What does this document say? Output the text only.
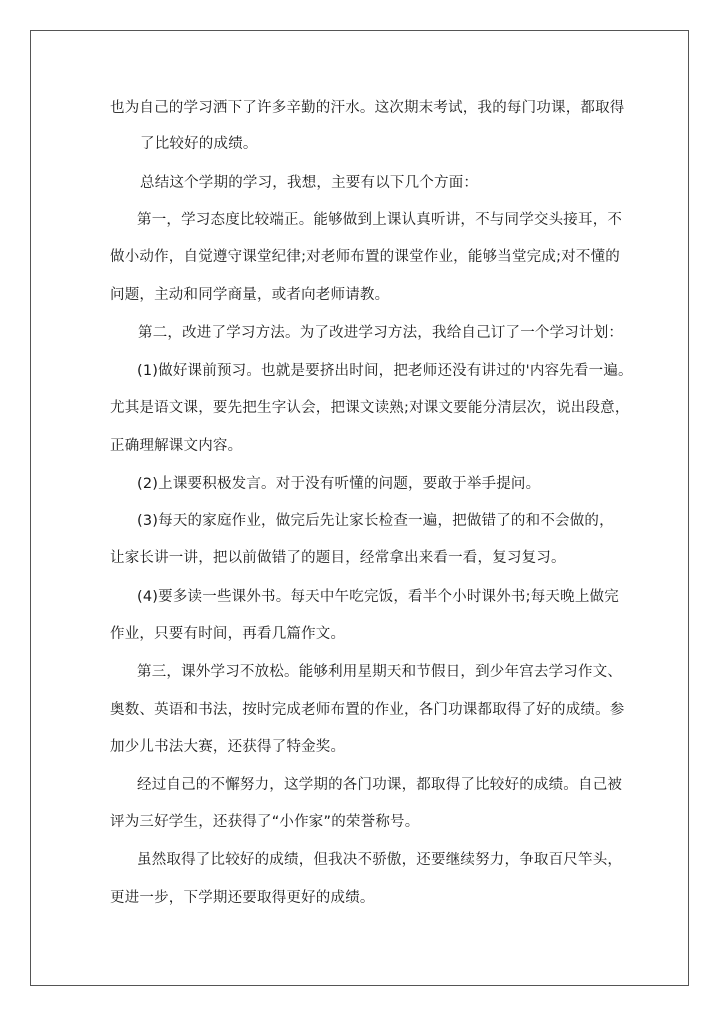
也为自己的学习洒下了许多辛勤的汗水。这次期末考试，我的每门功课，都取得
了比较好的成绩。
总结这个学期的学习，我想，主要有以下几个方面：
第一，学习态度比较端正。能够做到上课认真听讲，不与同学交头接耳，不
做小动作，自觉遵守课堂纪律;对老师布置的课堂作业，能够当堂完成;对不懂的
问题，主动和同学商量，或者向老师请教。
第二，改进了学习方法。为了改进学习方法，我给自己订了一个学习计划：
(1)做好课前预习。也就是要挤出时间，把老师还没有讲过的'内容先看一遍。
尤其是语文课，要先把生字认会，把课文读熟;对课文要能分清层次，说出段意，
正确理解课文内容。
(2)上课要积极发言。对于没有听懂的问题，要敢于举手提问。
(3)每天的家庭作业，做完后先让家长检查一遍，把做错了的和不会做的，
让家长讲一讲，把以前做错了的题目，经常拿出来看一看，复习复习。
(4)要多读一些课外书。每天中午吃完饭，看半个小时课外书;每天晚上做完
作业，只要有时间，再看几篇作文。
第三，课外学习不放松。能够利用星期天和节假日，到少年宫去学习作文、
奥数、英语和书法，按时完成老师布置的作业，各门功课都取得了好的成绩。参
加少儿书法大赛，还获得了特金奖。
经过自己的不懈努力，这学期的各门功课，都取得了比较好的成绩。自己被
评为三好学生，还获得了“小作家”的荣誉称号。
虽然取得了比较好的成绩，但我决不骄傲，还要继续努力，争取百尺竿头，
更进一步，下学期还要取得更好的成绩。
